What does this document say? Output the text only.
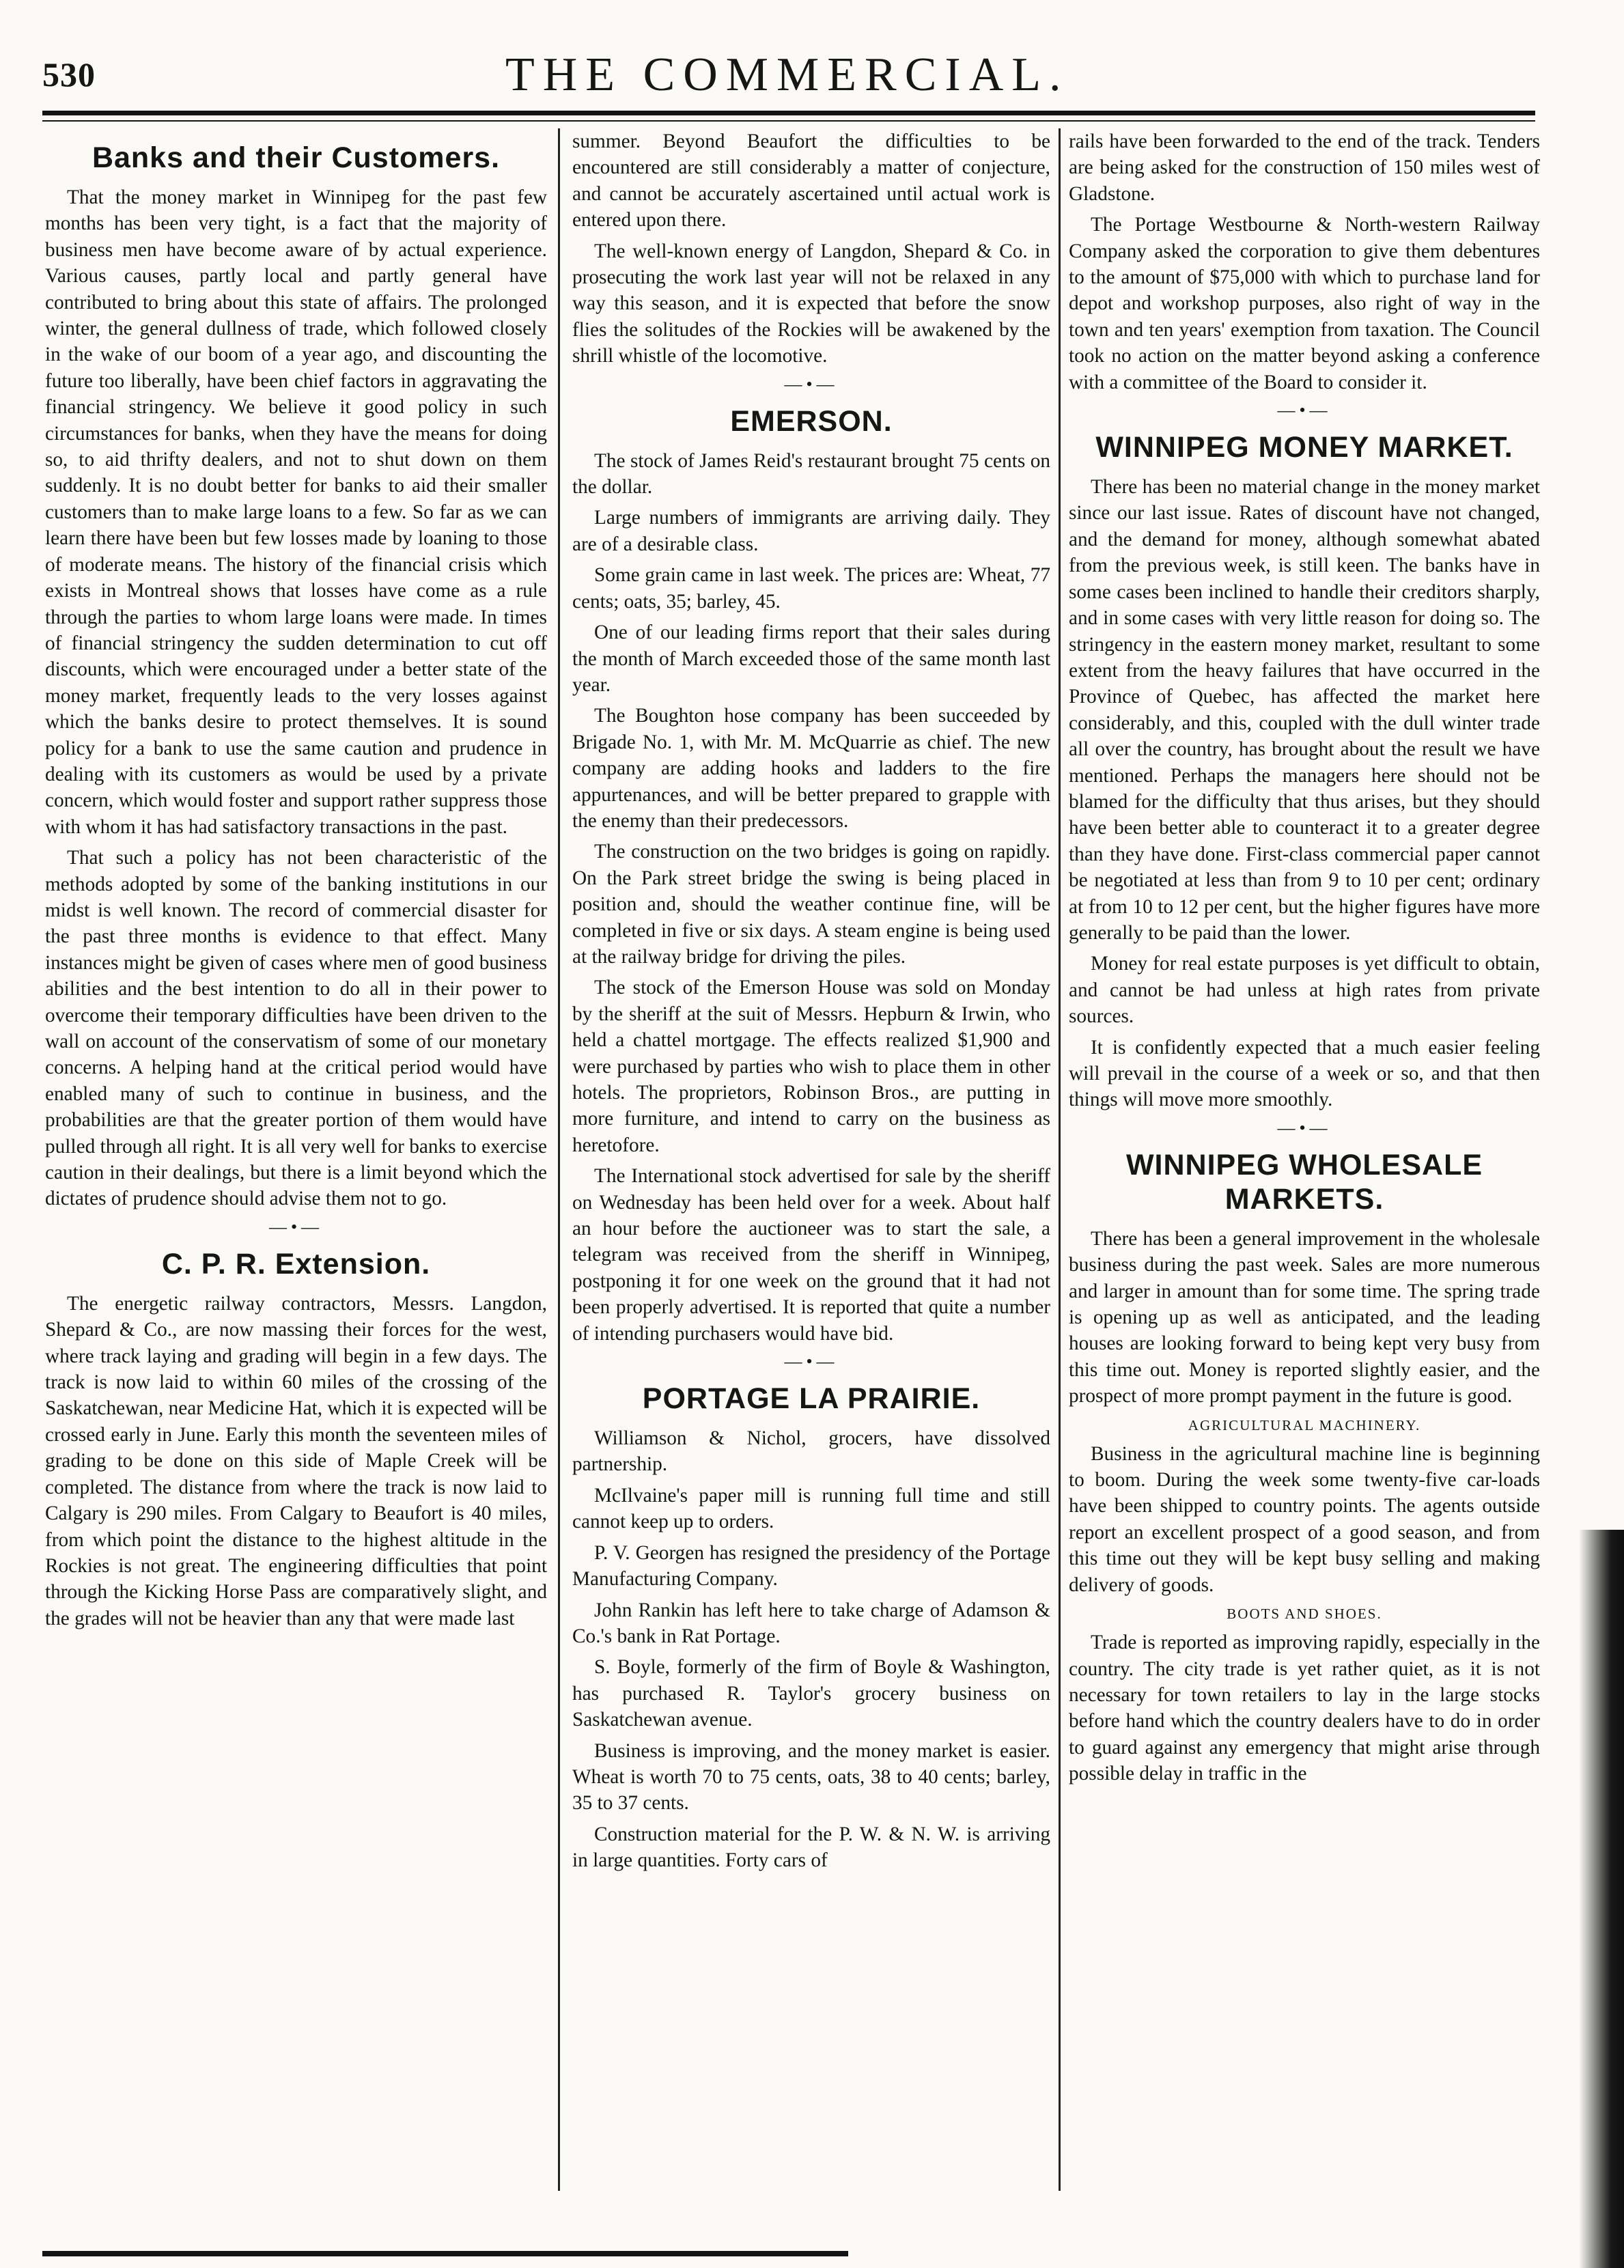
530	THE COMMERCIAL.
Banks and their Customers.

That the money market in Winnipeg for the past few months has been very tight, is a fact that the majority of business men have become aware of by actual experience. Various causes, partly local and partly general have contributed to bring about this state of affairs. The prolonged winter, the general dullness of trade, which followed closely in the wake of our boom of a year ago, and discounting the future too liberally, have been chief factors in aggravating the financial stringency. We believe it good policy in such circumstances for banks, when they have the means for doing so, to aid thrifty dealers, and not to shut down on them suddenly. It is no doubt better for banks to aid their smaller customers than to make large loans to a few. So far as we can learn there have been but few losses made by loaning to those of moderate means. The history of the financial crisis which exists in Montreal shows that losses have come as a rule through the parties to whom large loans were made. In times of financial stringency the sudden determination to cut off discounts, which were encouraged under a better state of the money market, frequently leads to the very losses against which the banks desire to protect themselves. It is sound policy for a bank to use the same caution and prudence in dealing with its customers as would be used by a private concern, which would foster and support rather suppress those with whom it has had satisfactory transactions in the past.

That such a policy has not been characteristic of the methods adopted by some of the banking institutions in our midst is well known. The record of commercial disaster for the past three months is evidence to that effect. Many instances might be given of cases where men of good business abilities and the best intention to do all in their power to overcome their temporary difficulties have been driven to the wall on account of the conservatism of some of our monetary concerns. A helping hand at the critical period would have enabled many of such to continue in business, and the probabilities are that the greater portion of them would have pulled through all right. It is all very well for banks to exercise caution in their dealings, but there is a limit beyond which the dictates of prudence should advise them not to go.

—•—
C. P. R. Extension.

The energetic railway contractors, Messrs. Langdon, Shepard & Co., are now massing their forces for the west, where track laying and grading will begin in a few days. The track is now laid to within 60 miles of the crossing of the Saskatchewan, near Medicine Hat, which it is expected will be crossed early in June. Early this month the seventeen miles of grading to be done on this side of Maple Creek will be completed. The distance from where the track is now laid to Calgary is 290 miles. From Calgary to Beaufort is 40 miles, from which point the distance to the highest altitude in the Rockies is not great. The engineering difficulties that point through the Kicking Horse Pass are comparatively slight, and the grades will not be heavier than any that were made last

summer. Beyond Beaufort the difficulties to be encountered are still considerably a matter of conjecture, and cannot be accurately ascertained until actual work is entered upon there.

The well-known energy of Langdon, Shepard & Co. in prosecuting the work last year will not be relaxed in any way this season, and it is expected that before the snow flies the solitudes of the Rockies will be awakened by the shrill whistle of the locomotive.

—•—
EMERSON.

The stock of James Reid's restaurant brought 75 cents on the dollar.

Large numbers of immigrants are arriving daily. They are of a desirable class.

Some grain came in last week. The prices are: Wheat, 77 cents; oats, 35; barley, 45.

One of our leading firms report that their sales during the month of March exceeded those of the same month last year.

The Boughton hose company has been succeeded by Brigade No. 1, with Mr. M. McQuarrie as chief. The new company are adding hooks and ladders to the fire appurtenances, and will be better prepared to grapple with the enemy than their predecessors.

The construction on the two bridges is going on rapidly. On the Park street bridge the swing is being placed in position and, should the weather continue fine, will be completed in five or six days. A steam engine is being used at the railway bridge for driving the piles.

The stock of the Emerson House was sold on Monday by the sheriff at the suit of Messrs. Hepburn & Irwin, who held a chattel mortgage. The effects realized $1,900 and were purchased by parties who wish to place them in other hotels. The proprietors, Robinson Bros., are putting in more furniture, and intend to carry on the business as heretofore.

The International stock advertised for sale by the sheriff on Wednesday has been held over for a week. About half an hour before the auctioneer was to start the sale, a telegram was received from the sheriff in Winnipeg, postponing it for one week on the ground that it had not been properly advertised. It is reported that quite a number of intending purchasers would have bid.

—•—
PORTAGE LA PRAIRIE.

Williamson & Nichol, grocers, have dissolved partnership.

McIlvaine's paper mill is running full time and still cannot keep up to orders.

P. V. Georgen has resigned the presidency of the Portage Manufacturing Company.

John Rankin has left here to take charge of Adamson & Co.'s bank in Rat Portage.

S. Boyle, formerly of the firm of Boyle & Washington, has purchased R. Taylor's grocery business on Saskatchewan avenue.

Business is improving, and the money market is easier. Wheat is worth 70 to 75 cents, oats, 38 to 40 cents; barley, 35 to 37 cents.

Construction material for the P. W. & N. W. is arriving in large quantities. Forty cars of

rails have been forwarded to the end of the track. Tenders are being asked for the construction of 150 miles west of Gladstone.

The Portage Westbourne & North-western Railway Company asked the corporation to give them debentures to the amount of $75,000 with which to purchase land for depot and workshop purposes, also right of way in the town and ten years' exemption from taxation. The Council took no action on the matter beyond asking a conference with a committee of the Board to consider it.

—•—
WINNIPEG MONEY MARKET.

There has been no material change in the money market since our last issue. Rates of discount have not changed, and the demand for money, although somewhat abated from the previous week, is still keen. The banks have in some cases been inclined to handle their creditors sharply, and in some cases with very little reason for doing so. The stringency in the eastern money market, resultant to some extent from the heavy failures that have occurred in the Province of Quebec, has affected the market here considerably, and this, coupled with the dull winter trade all over the country, has brought about the result we have mentioned. Perhaps the managers here should not be blamed for the difficulty that thus arises, but they should have been better able to counteract it to a greater degree than they have done. First-class commercial paper cannot be negotiated at less than from 9 to 10 per cent; ordinary at from 10 to 12 per cent, but the higher figures have more generally to be paid than the lower.

Money for real estate purposes is yet difficult to obtain, and cannot be had unless at high rates from private sources.

It is confidently expected that a much easier feeling will prevail in the course of a week or so, and that then things will move more smoothly.

—•—
WINNIPEG WHOLESALE MARKETS.

There has been a general improvement in the wholesale business during the past week. Sales are more numerous and larger in amount than for some time. The spring trade is opening up as well as anticipated, and the leading houses are looking forward to being kept very busy from this time out. Money is reported slightly easier, and the prospect of more prompt payment in the future is good.

AGRICULTURAL MACHINERY.

Business in the agricultural machine line is beginning to boom. During the week some twenty-five car-loads have been shipped to country points. The agents outside report an excellent prospect of a good season, and from this time out they will be kept busy selling and making delivery of goods.

BOOTS AND SHOES.

Trade is reported as improving rapidly, especially in the country. The city trade is yet rather quiet, as it is not necessary for town retailers to lay in the large stocks before hand which the country dealers have to do in order to guard against any emergency that might arise through possible delay in traffic in the
